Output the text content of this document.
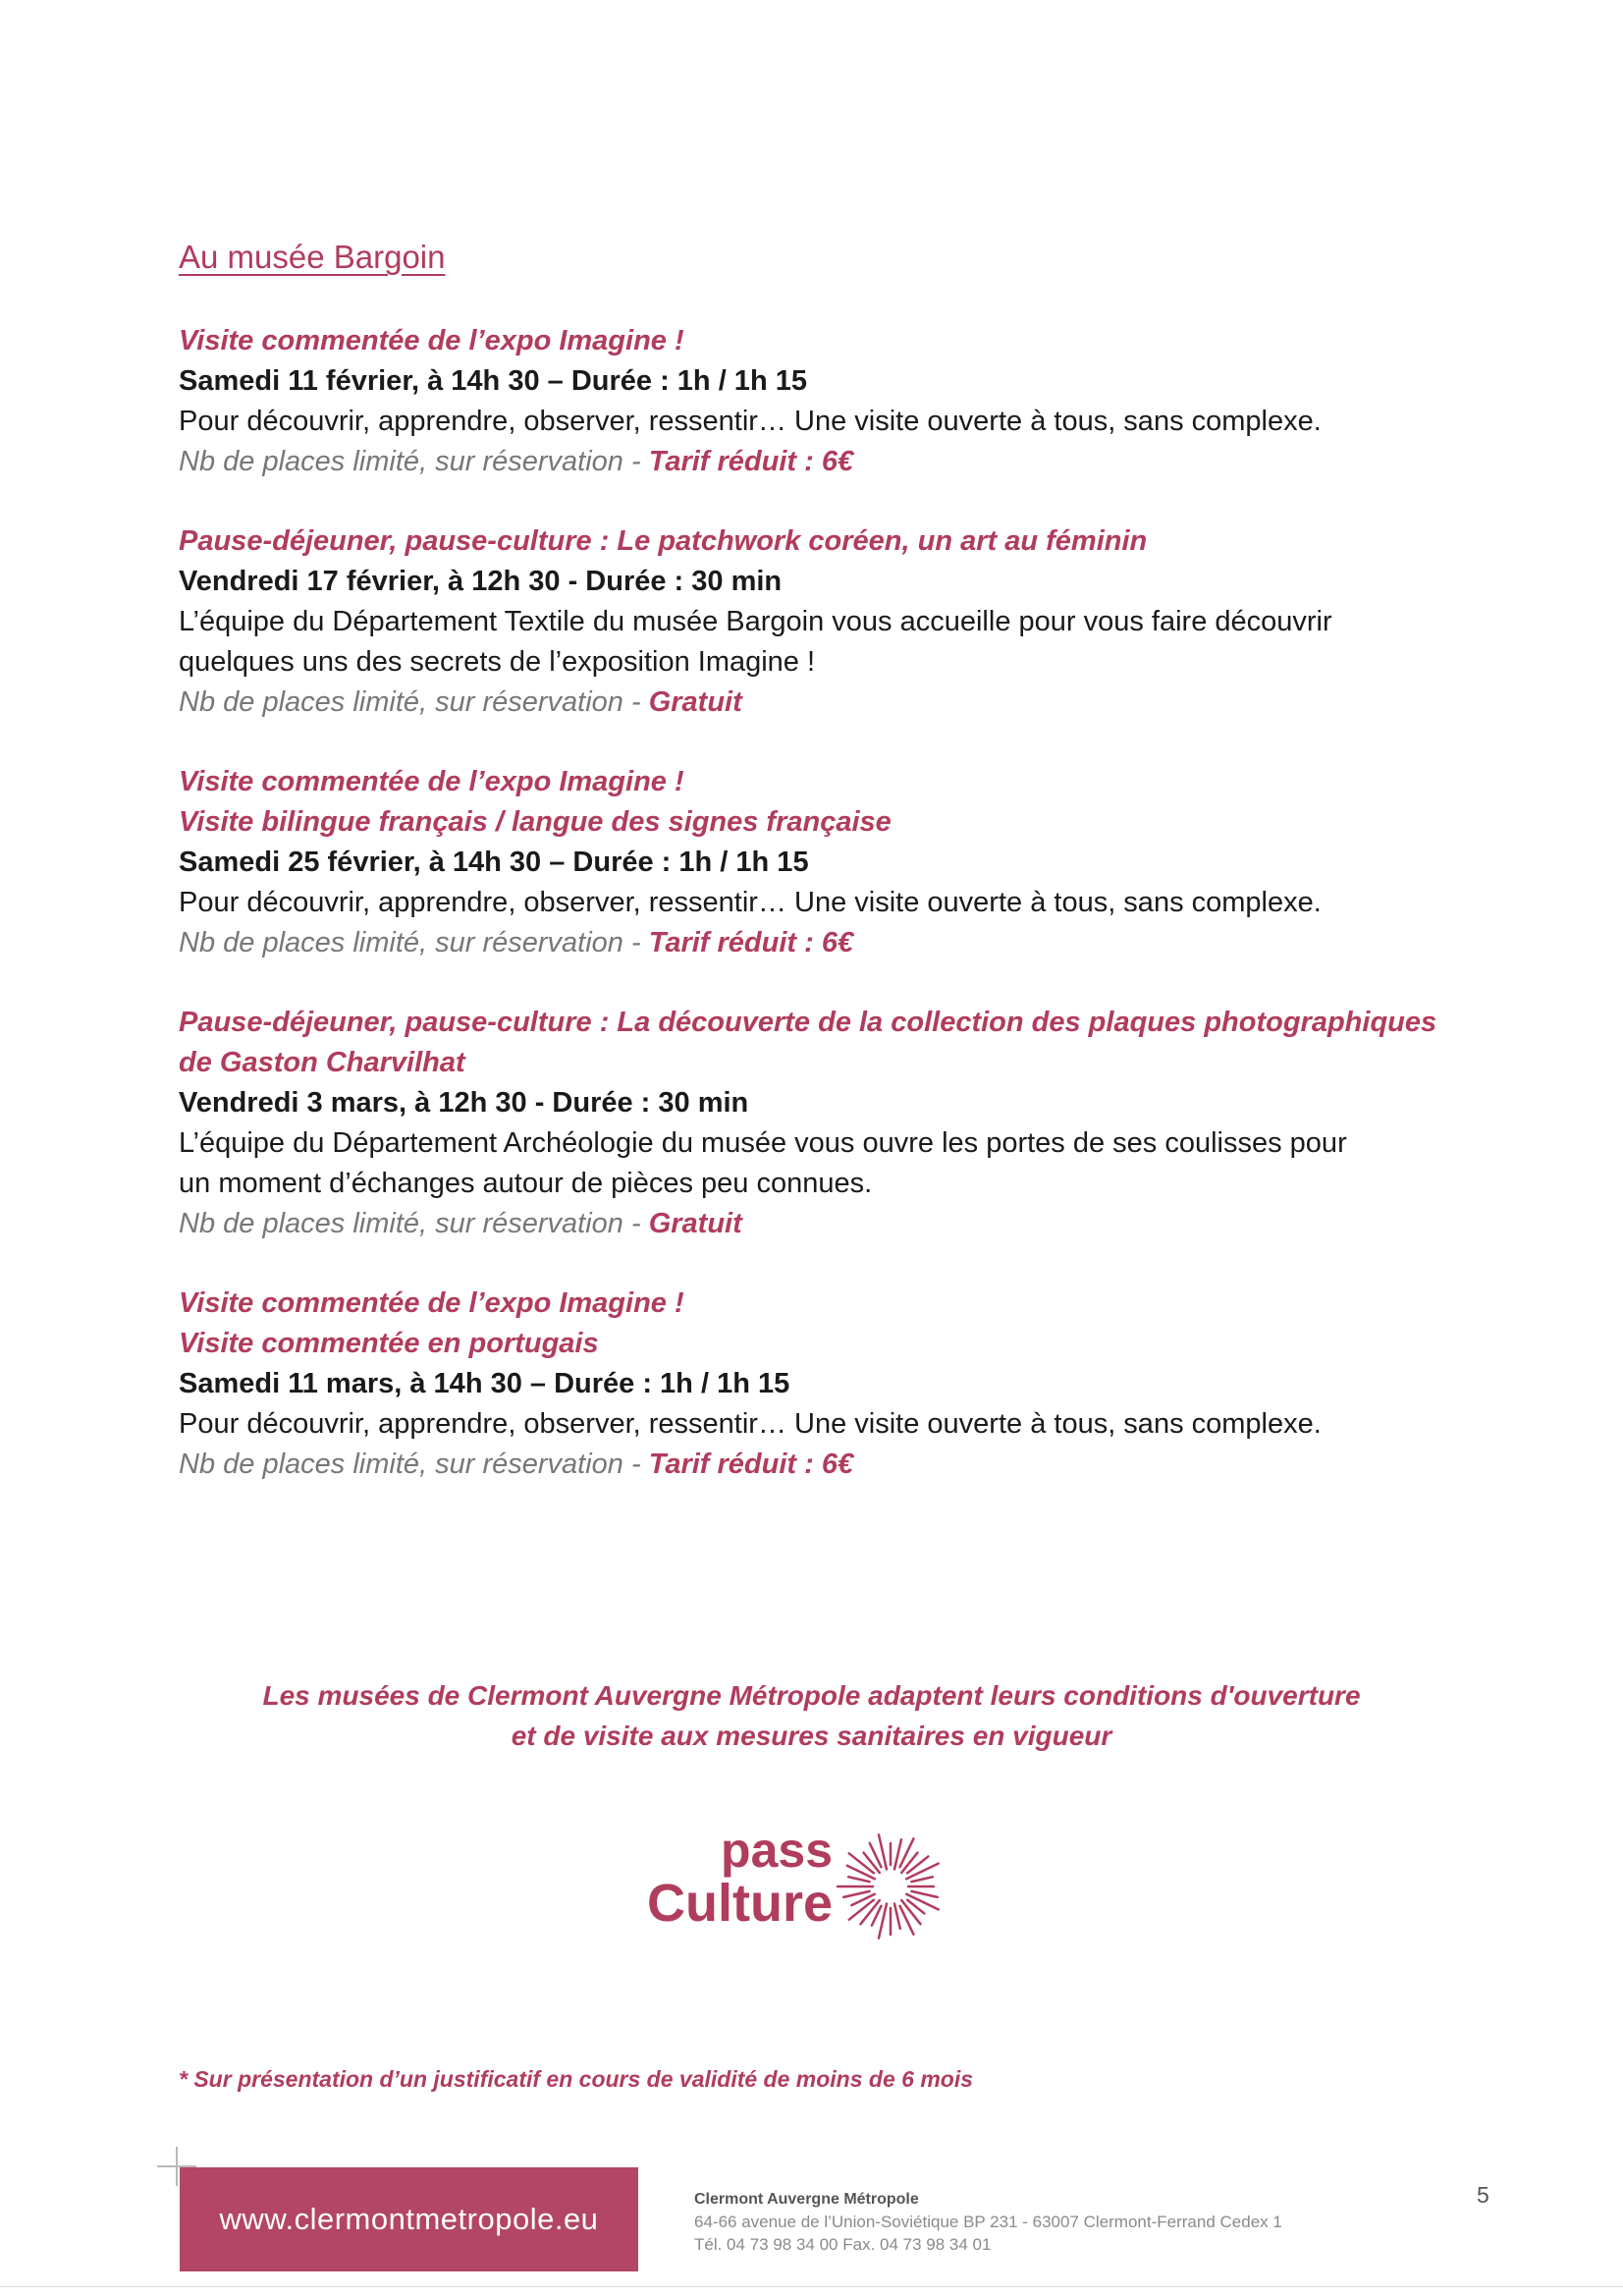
Au musée Bargoin
Visite commentée de l’expo Imagine !
Samedi 11 février, à 14h 30 – Durée : 1h / 1h 15
Pour découvrir, apprendre, observer, ressentir… Une visite ouverte à tous, sans complexe.
Nb de places limité, sur réservation - Tarif réduit : 6€
Pause-déjeuner, pause-culture : Le patchwork coréen, un art au féminin
Vendredi 17 février, à 12h 30 - Durée : 30 min
L’équipe du Département Textile du musée Bargoin vous accueille pour vous faire découvrir
quelques uns des secrets de l’exposition Imagine !
Nb de places limité, sur réservation - Gratuit
Visite commentée de l’expo Imagine !
Visite bilingue français / langue des signes française
Samedi 25 février, à 14h 30 – Durée : 1h / 1h 15
Pour découvrir, apprendre, observer, ressentir… Une visite ouverte à tous, sans complexe.
Nb de places limité, sur réservation - Tarif réduit : 6€
Pause-déjeuner, pause-culture : La découverte de la collection des plaques photographiques
de Gaston Charvilhat
Vendredi 3 mars, à 12h 30 - Durée : 30 min
L’équipe du Département Archéologie du musée vous ouvre les portes de ses coulisses pour
un moment d’échanges autour de pièces peu connues.
Nb de places limité, sur réservation - Gratuit
Visite commentée de l’expo Imagine !
Visite commentée en portugais
Samedi 11 mars, à 14h 30 – Durée : 1h / 1h 15
Pour découvrir, apprendre, observer, ressentir… Une visite ouverte à tous, sans complexe.
Nb de places limité, sur réservation - Tarif réduit : 6€
Les musées de Clermont Auvergne Métropole adaptent leurs conditions d'ouverture
et de visite aux mesures sanitaires en vigueur
pass
Culture
* Sur présentation d’un justificatif en cours de validité de moins de 6 mois
www.clermontmetropole.eu
Clermont Auvergne Métropole
64-66 avenue de l’Union-Soviétique BP 231 - 63007 Clermont-Ferrand Cedex 1
Tél. 04 73 98 34 00 Fax. 04 73 98 34 01
5
